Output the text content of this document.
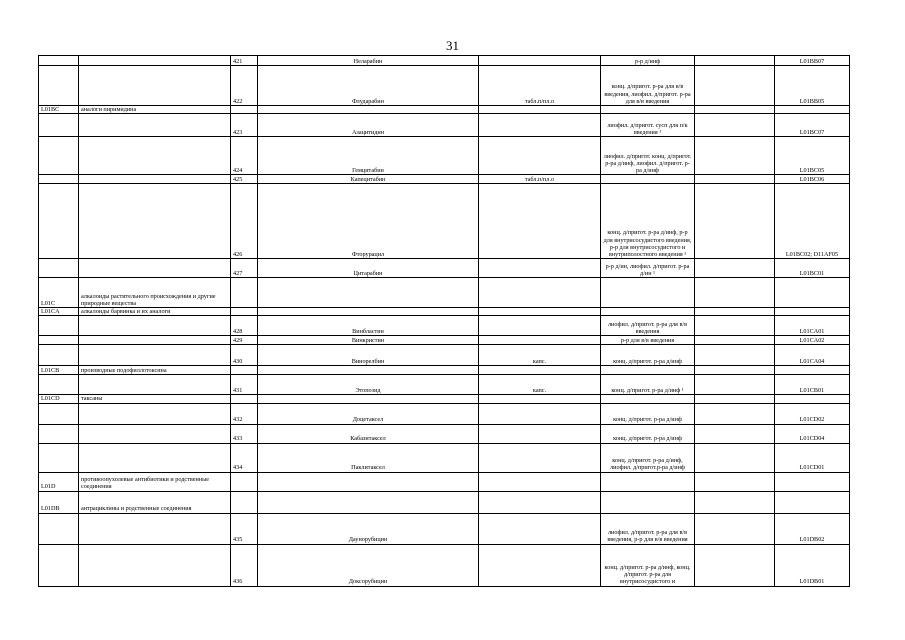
31
		421	Неларабин		р-р д/инф		L01BB07
		422	Флударабин	табл.п/пл.о	конц. д/пригот. р-ра для в/в введения, лиофил. д/пригот. р-ра для в/в введения		L01BB05
L01BC	аналоги пиримидина						
		423	Азацитидин		лиофил. д/пригот. сусп для п/к введения ¹		L01BC07
		424	Гемцитабин		лиофил. д/пригот. конц. д/пригот. р-ра д/инф, лиофил. д/пригот. р-ра д/инф		L01BC05
		425	Капецитабин	табл.п/пл.о			L01BC06
		426	Фторурацил		конц. д/пригот. р-ра д/инф, р-р для внутрисосудистого введения, р-р для внутрисосудистого и внутриполостного введения ¹		L01BC02; D11AF05
		427	Цитарабин		р-р д/ин, лиофил. д/пригот. р-ра д/ин ¹		L01BC01
L01C	алкалоиды растительного происхождения и другие природные вещества						
L01CA	алкалоиды барвинка и их аналоги						
		428	Винбластин		лиофил. д/пригот. р-ра для в/в введения		L01CA01
		429	Винкристин		р-р для в/в введения		L01CA02
		430	Винорелбин	капс.	конц. д/пригот. р-ра д/инф		L01CA04
L01CB	производные подофиллотоксина						
		431	Этопозид	капс.	конц. д/пригот. р-ра д/инф ¹		L01CB01
L01CD	таксаны						
		432	Доцетаксел		конц. д/пригот. р-ра д/инф		L01CD02
		433	Кабазитаксел		конц. д/пригот. р-ра д/инф		L01CD04
		434	Паклитаксел		конц. д/пригот. р-ра д/инф, лиофил. д/пригот.р-ра д/инф		L01CD01
L01D	противоопухолевые антибиотики и родственные соединения						
L01DB	антрациклины и родственные соединения						
		435	Даунорубицин		лиофил. д/пригот. р-ра для в/в введения, р-р для в/в введения		L01DB02
		436	Доксорубицин		конц. д/пригот. р-ра д/инф, конц. д/пригот. р-ра для внутрисосудистого и		L01DB01
